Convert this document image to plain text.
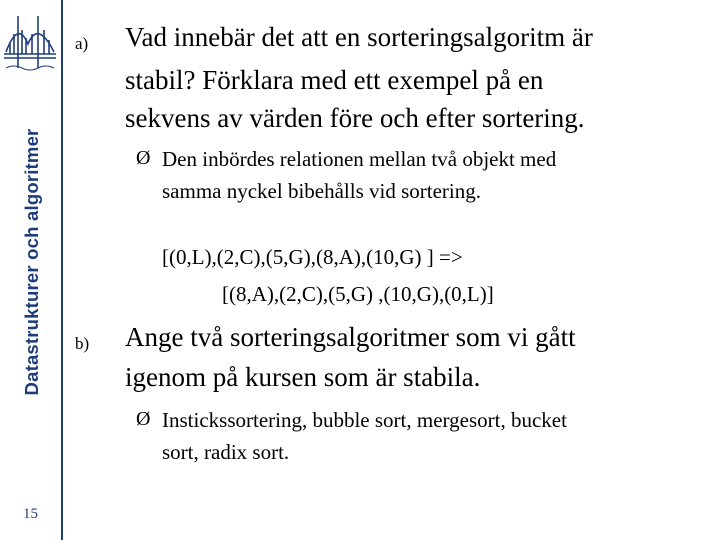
Datastrukturer och algoritmer
15
a) Vad innebär det att en sorteringsalgoritm är
stabil? Förklara med ett exempel på en
sekvens av värden före och efter sortering.
Ø Den inbördes relationen mellan två objekt med
samma nyckel bibehålls vid sortering.
[(0,L),(2,C),(5,G),(8,A),(10,G) ] =>
[(8,A),(2,C),(5,G) ,(10,G),(0,L)]
b) Ange två sorteringsalgoritmer som vi gått
igenom på kursen som är stabila.
Ø Instickssortering, bubble sort, mergesort, bucket
sort, radix sort.
